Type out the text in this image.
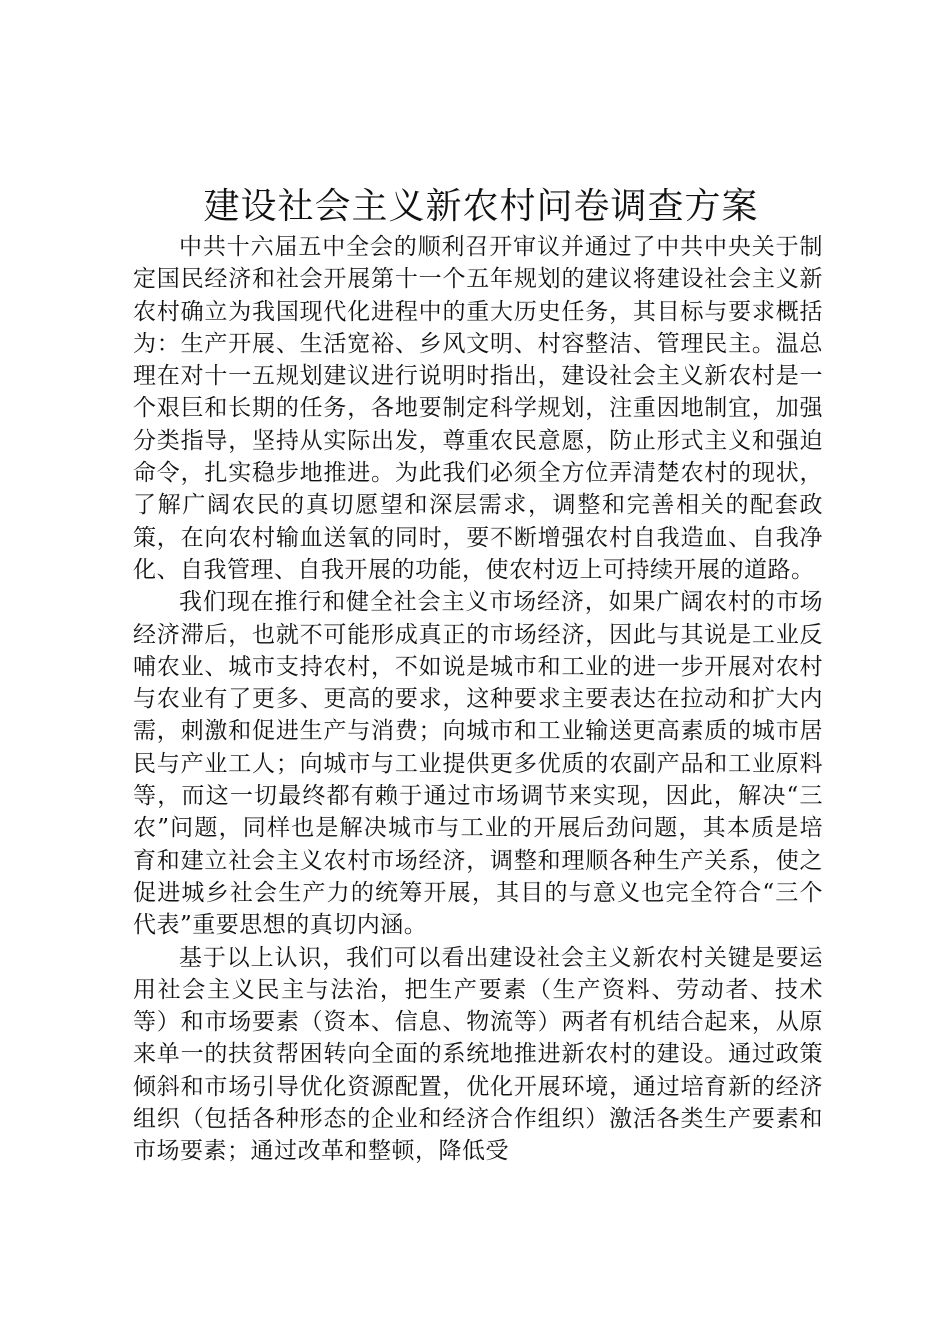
建设社会主义新农村问卷调查方案

中共十六届五中全会的顺利召开审议并通过了中共中央关于制定国民经济和社会开展第十一个五年规划的建议将建设社会主义新农村确立为我国现代化进程中的重大历史任务，其目标与要求概括为：生产开展、生活宽裕、乡风文明、村容整洁、管理民主。温总理在对十一五规划建议进行说明时指出，建设社会主义新农村是一个艰巨和长期的任务，各地要制定科学规划，注重因地制宜，加强分类指导，坚持从实际出发，尊重农民意愿，防止形式主义和强迫命令，扎实稳步地推进。为此我们必须全方位弄清楚农村的现状，了解广阔农民的真切愿望和深层需求，调整和完善相关的配套政策，在向农村输血送氧的同时，要不断增强农村自我造血、自我净化、自我管理、自我开展的功能，使农村迈上可持续开展的道路。

我们现在推行和健全社会主义市场经济，如果广阔农村的市场经济滞后，也就不可能形成真正的市场经济，因此与其说是工业反哺农业、城市支持农村，不如说是城市和工业的进一步开展对农村与农业有了更多、更高的要求，这种要求主要表达在拉动和扩大内需，刺激和促进生产与消费；向城市和工业输送更高素质的城市居民与产业工人；向城市与工业提供更多优质的农副产品和工业原料等，而这一切最终都有赖于通过市场调节来实现，因此，解决“三农”问题，同样也是解决城市与工业的开展后劲问题，其本质是培育和建立社会主义农村市场经济，调整和理顺各种生产关系，使之促进城乡社会生产力的统筹开展，其目的与意义也完全符合“三个代表”重要思想的真切内涵。

基于以上认识，我们可以看出建设社会主义新农村关键是要运用社会主义民主与法治，把生产要素（生产资料、劳动者、技术等）和市场要素（资本、信息、物流等）两者有机结合起来，从原来单一的扶贫帮困转向全面的系统地推进新农村的建设。通过政策倾斜和市场引导优化资源配置，优化开展环境，通过培育新的经济组织（包括各种形态的企业和经济合作组织）激活各类生产要素和市场要素；通过改革和整顿，降低受
